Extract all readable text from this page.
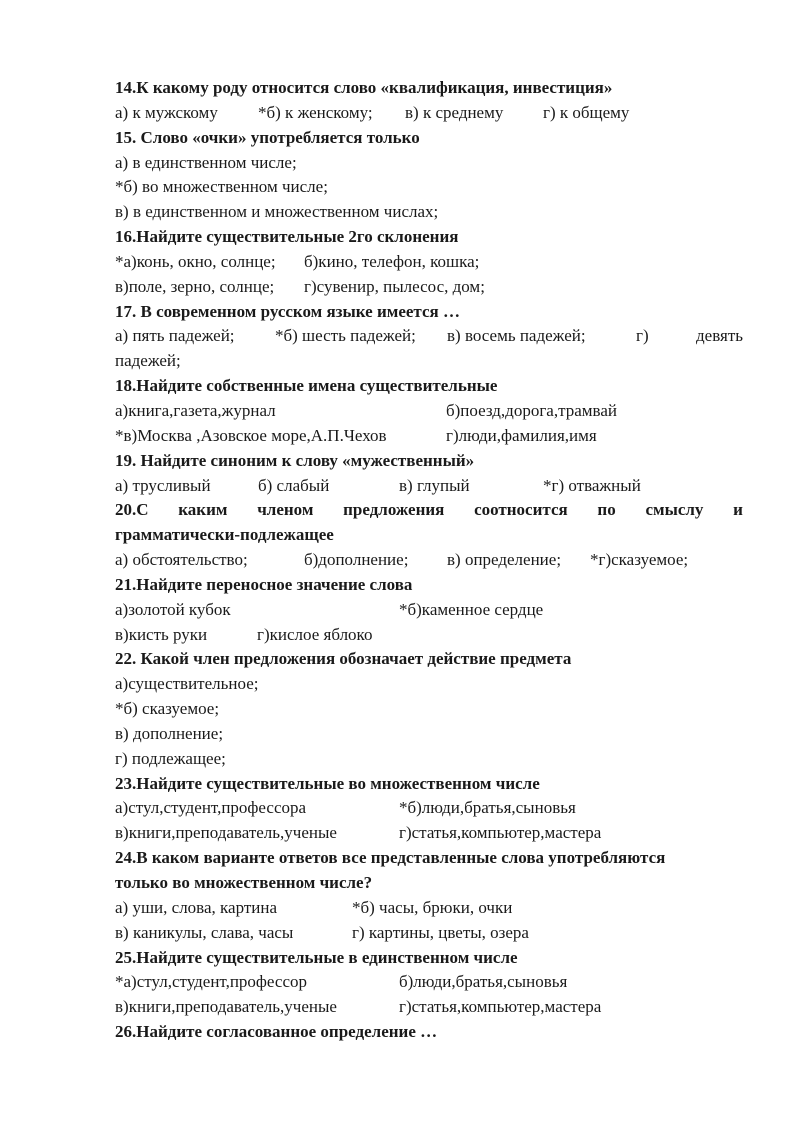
14.К какому роду относится слово «квалификация, инвестиция»
а) к мужскому *б) к женскому; в) к среднему г) к общему
15. Слово «очки» употребляется только
а) в единственном числе;
*б) во множественном числе;
в) в единственном и множественном числах;
16.Найдите существительные 2го склонения
*а)конь, окно, солнце; б)кино, телефон, кошка;
в)поле, зерно, солнце; г)сувенир, пылесос, дом;
17. В современном русском языке имеется …
а) пять падежей; *б) шесть падежей; в) восемь падежей;	г)	девять
падежей;
18.Найдите собственные имена существительные
а)книга,газета,журнал	б)поезд,дорога,трамвай
*в)Москва ,Азовское море,А.П.Чехов	г)люди,фамилия,имя
19. Найдите синоним к слову «мужественный»
а) трусливый	б) слабый	в) глупый	*г) отважный
20.С каким членом предложения соотносится по смыслу и
грамматически-подлежащее
а) обстоятельство;	б)дополнение; в) определение; *г)сказуемое;
21.Найдите переносное значение слова
а)золотой кубок	*б)каменное сердце
в)кисть руки	г)кислое яблоко
22. Какой член предложения обозначает действие предмета
а)существительное;
*б) сказуемое;
в) дополнение;
г) подлежащее;
23.Найдите существительные во множественном числе
а)стул,студент,профессора	*б)люди,братья,сыновья
в)книги,преподаватель,ученые	г)статья,компьютер,мастера
24.В каком варианте ответов все представленные слова употребляются
только во множественном числе?
а) уши, слова, картина	*б) часы, брюки, очки
в) каникулы, слава, часы	г) картины, цветы, озера
25.Найдите существительные в единственном числе
*а)стул,студент,профессор	б)люди,братья,сыновья
в)книги,преподаватель,ученые	г)статья,компьютер,мастера
26.Найдите согласованное определение …
